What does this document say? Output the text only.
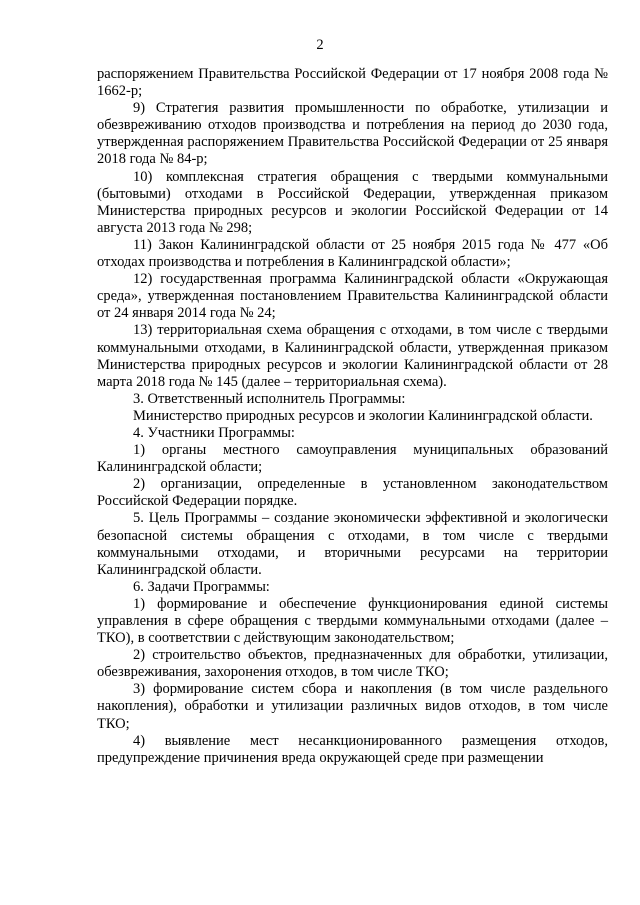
2

распоряжением Правительства Российской Федерации от 17 ноября 2008 года № 1662-р;

9) Стратегия развития промышленности по обработке, утилизации и обезвреживанию отходов производства и потребления на период до 2030 года, утвержденная распоряжением Правительства Российской Федерации от 25 января 2018 года № 84-р;

10) комплексная стратегия обращения с твердыми коммунальными (бытовыми) отходами в Российской Федерации, утвержденная приказом Министерства природных ресурсов и экологии Российской Федерации от 14 августа 2013 года № 298;

11) Закон Калининградской области от 25 ноября 2015 года № 477 «Об отходах производства и потребления в Калининградской области»;

12) государственная программа Калининградской области «Окружающая среда», утвержденная постановлением Правительства Калининградской области от 24 января 2014 года № 24;

13) территориальная схема обращения с отходами, в том числе с твердыми коммунальными отходами, в Калининградской области, утвержденная приказом Министерства природных ресурсов и экологии Калининградской области от 28 марта 2018 года № 145 (далее – территориальная схема).

3. Ответственный исполнитель Программы:

Министерство природных ресурсов и экологии Калининградской области.

4. Участники Программы:

1) органы местного самоуправления муниципальных образований Калининградской области;

2) организации, определенные в установленном законодательством Российской Федерации порядке.

5. Цель Программы – создание экономически эффективной и экологически безопасной системы обращения с отходами, в том числе с твердыми коммунальными отходами, и вторичными ресурсами на территории Калининградской области.

6. Задачи Программы:

1) формирование и обеспечение функционирования единой системы управления в сфере обращения с твердыми коммунальными отходами (далее – ТКО), в соответствии с действующим законодательством;

2) строительство объектов, предназначенных для обработки, утилизации, обезвреживания, захоронения отходов, в том числе ТКО;

3) формирование систем сбора и накопления (в том числе раздельного накопления), обработки и утилизации различных видов отходов, в том числе ТКО;

4) выявление мест несанкционированного размещения отходов, предупреждение причинения вреда окружающей среде при размещении
